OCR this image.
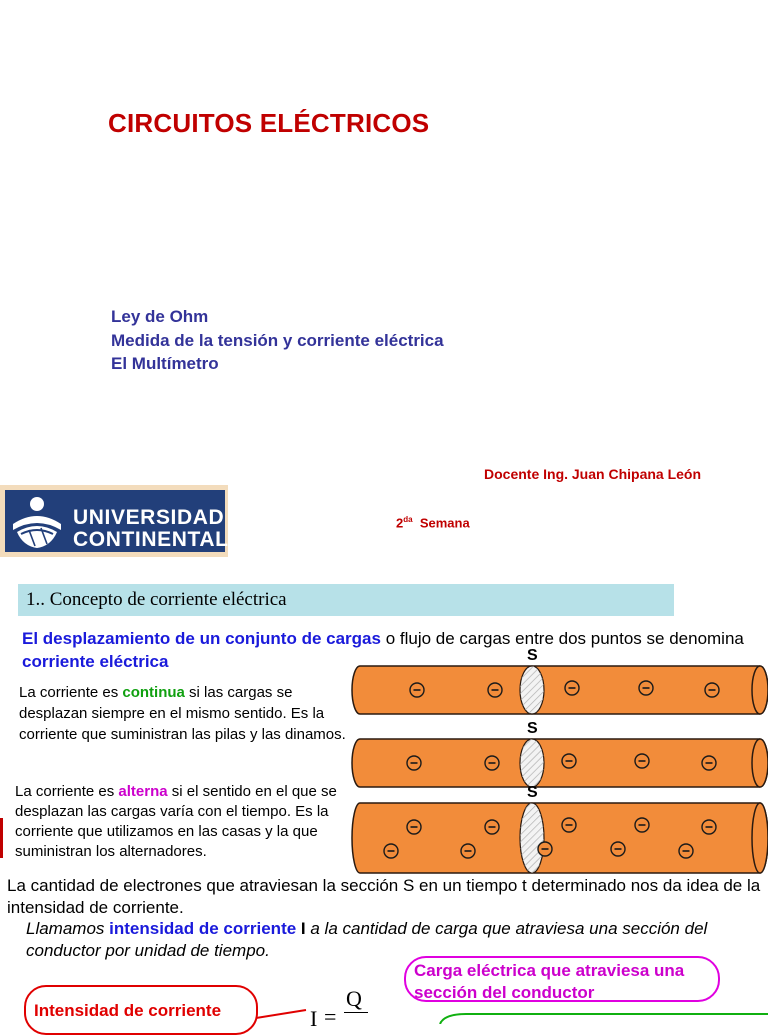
CIRCUITOS ELÉCTRICOS
Ley de Ohm
Medida de la tensión y corriente eléctrica
El Multímetro
Docente Ing. Juan Chipana León
$2^{da}$ Semana
UNIVERSIDAD
CONTINENTAL
1.. Concepto de corriente eléctrica
El desplazamiento de un conjunto de cargas o flujo de cargas entre dos puntos se denomina corriente eléctrica
La corriente es continua si las cargas se desplazan siempre en el mismo sentido. Es la corriente que suministran las pilas y las dinamos.
La corriente es alterna si el sentido en el que se desplazan las cargas varía con el tiempo. Es la corriente que utilizamos en las casas y la que suministran los alternadores.
S
S
S
La cantidad de electrones que atraviesan la sección S en un tiempo t determinado nos da idea de la intensidad de corriente.
Llamamos intensidad de corriente I a la cantidad de carga que atraviesa una sección del conductor por unidad de tiempo.
Carga eléctrica que atraviesa una sección del conductor
Intensidad de corriente	I =
Q
